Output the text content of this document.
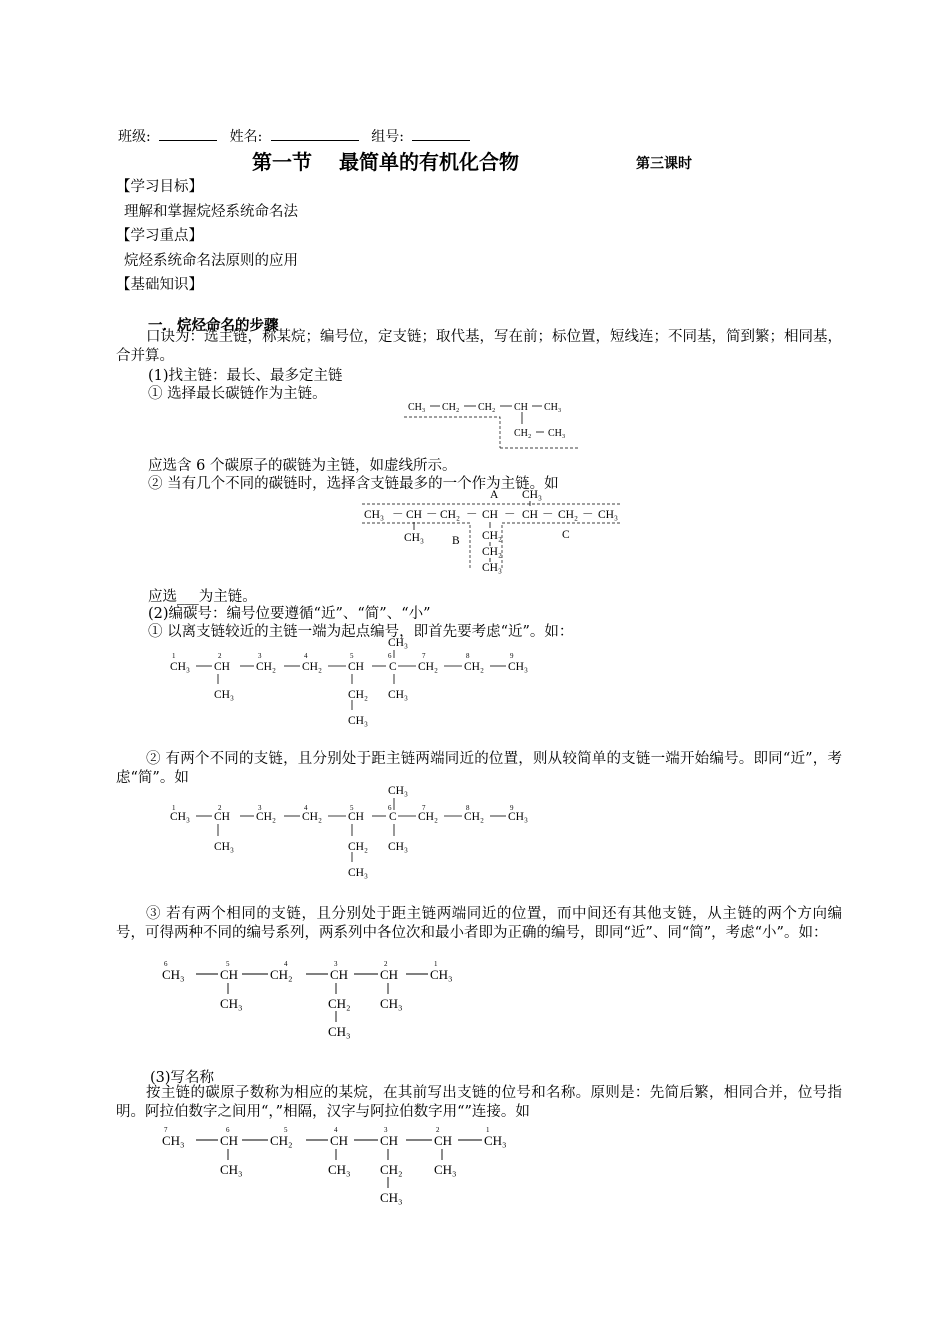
班级:	姓名:	组号:
第一节　 最简单的有机化合物	第三课时
【学习目标】
理解和掌握烷烃系统命名法
【学习重点】
烷烃系统命名法原则的应用
【基础知识】
一．烷烃命名的步骤
口诀为：选主链，称某烷；编号位，定支链；取代基，写在前；标位置，短线连；不同基，简到繁；相同基，合并算。
(1)找主链：最长、最多定主链
① 选择最长碳链作为主链。
CH₃ CH₂ CH₂ CH CH₃
CH₂ CH₃
应选含 6 个碳原子的碳链为主链，如虚线所示。
② 当有几个不同的碳链时，选择含支链最多的一个作为主链。如
A CH₃
CH₃ － CH － CH₂ － CH － CH － CH₂ － CH₃
CH₃ B CH₂
CH₂
CH₃
C
应选___为主链。
(2)编碳号：编号位要遵循“近”、“简”、“小”
① 以离支链较近的主链一端为起点编号，即首先要考虑“近”。如：
1	2	3	4	5	6	7	8	9
CH₃
CH₃ CH CH₂ CH₂ CH C CH₂ CH₂ CH₃
CH₃	CH₂ CH₃
CH₃
② 有两个不同的支链，且分别处于距主链两端同近的位置，则从较简单的支链一端开始编号。即同“近”，考虑“简”。如
CH₃
1	2	3	4	5	6	7	8	9
CH₃ CH CH₂ CH₂ CH C CH₂ CH₂ CH₃
CH₃	CH₂ CH₃
CH₃
③ 若有两个相同的支链，且分别处于距主链两端同近的位置，而中间还有其他支链，从主链的两个方向编号，可得两种不同的编号系列，两系列中各位次和最小者即为正确的编号，即同“近”、同“简”，考虑“小”。如：
6	5	4	3	2	1
CH₃	CH CH₂	CH CH CH₃
CH₃	CH₂ CH₃
CH₃
(3)写名称
按主链的碳原子数称为相应的某烷，在其前写出支链的位号和名称。原则是：先简后繁，相同合并，位号指明。阿拉伯数字之间用“，”相隔，汉字与阿拉伯数字用“”连接。如
7	6	5	4	3	2	1
CH₃	CH CH₂	CH CH	CH CH₃
CH₃	CH₃ CH₂ CH₃
CH₃
